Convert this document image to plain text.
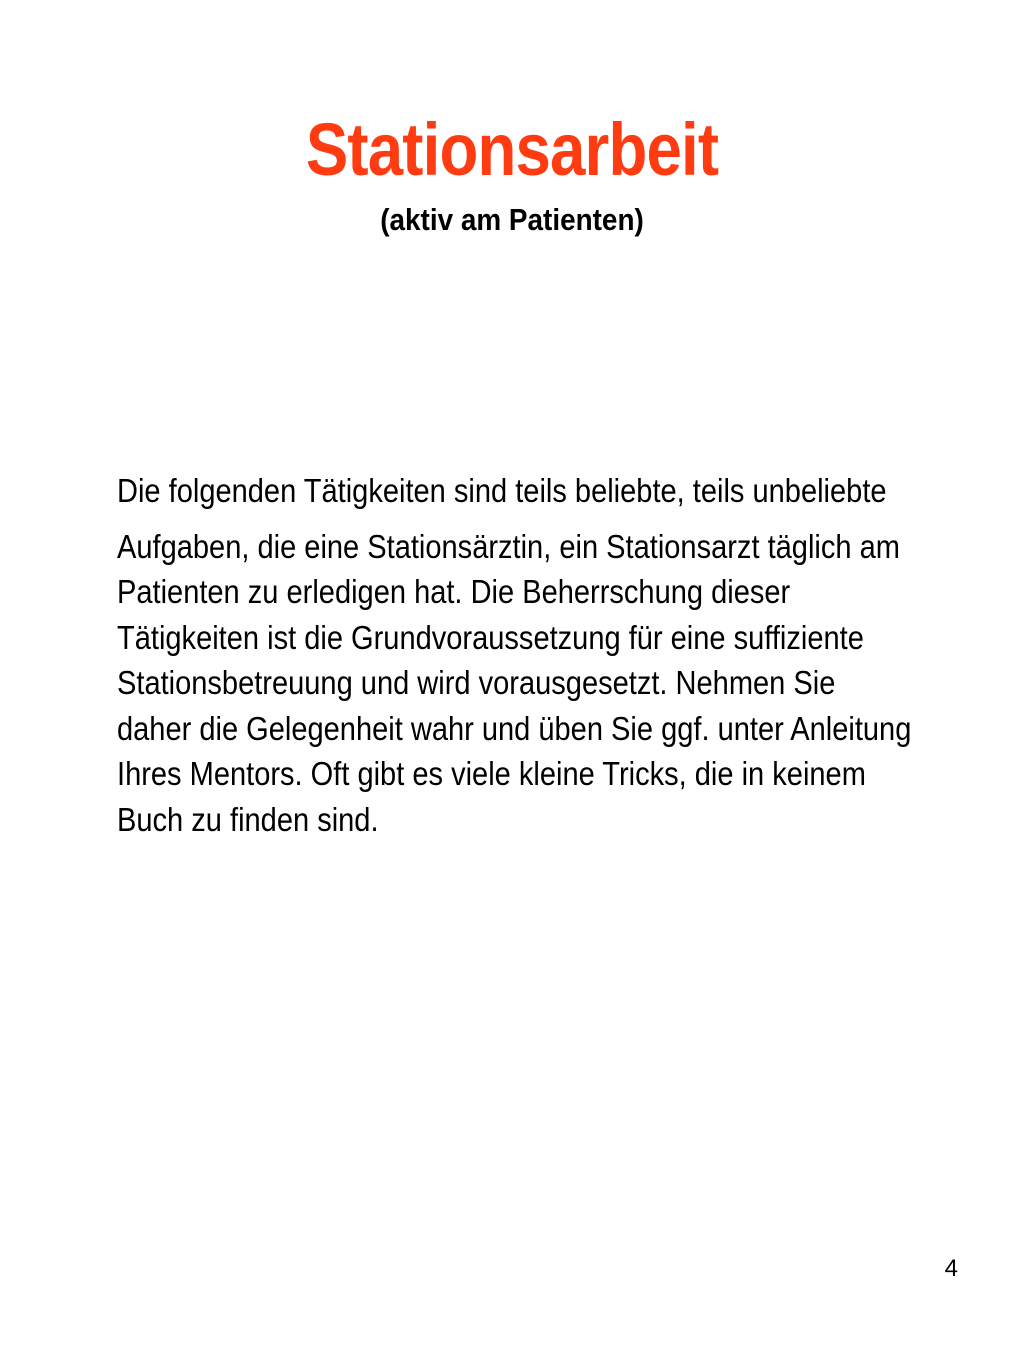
Stationsarbeit
(aktiv am Patienten)
Die folgenden Tätigkeiten sind teils beliebte, teils unbeliebte
Aufgaben, die eine Stationsärztin, ein Stationsarzt täglich am
Patienten zu erledigen hat. Die Beherrschung dieser
Tätigkeiten ist die Grundvoraussetzung für eine suffiziente
Stationsbetreuung und wird vorausgesetzt. Nehmen Sie
daher die Gelegenheit wahr und üben Sie ggf. unter Anleitung
Ihres Mentors. Oft gibt es viele kleine Tricks, die in keinem
Buch zu finden sind.
4
